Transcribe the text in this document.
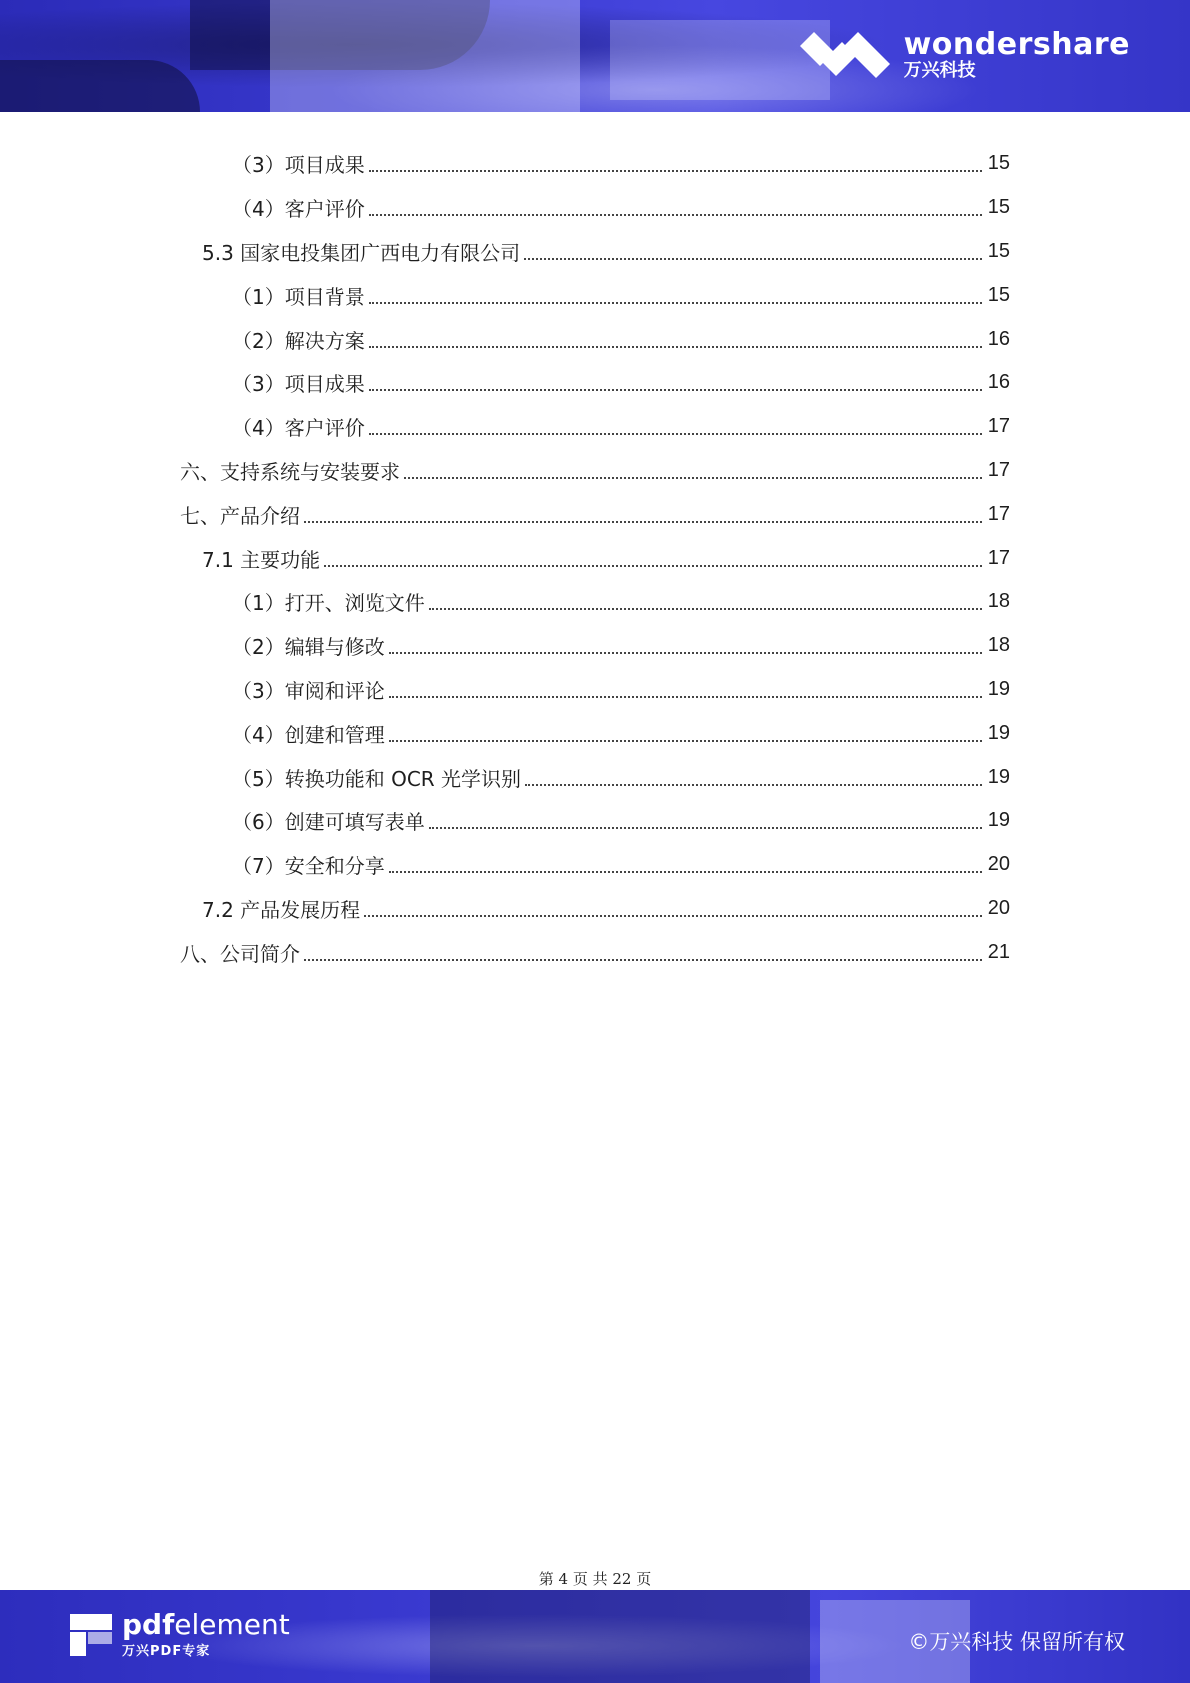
wondershare
万兴科技
（3）项目成果	15
（4）客户评价	15
5.3 国家电投集团广西电力有限公司	15
（1）项目背景	15
（2）解决方案	16
（3）项目成果	16
（4）客户评价	17
六、支持系统与安装要求	17
七、产品介绍	17
7.1 主要功能	17
（1）打开、浏览文件	18
（2）编辑与修改	18
（3）审阅和评论	19
（4）创建和管理	19
（5）转换功能和 OCR 光学识别	19
（6）创建可填写表单	19
（7）安全和分享	20
7.2 产品发展历程	20
八、公司简介	21
第 4 页 共 22 页
pdfelement
万兴PDF专家	©万兴科技 保留所有权
